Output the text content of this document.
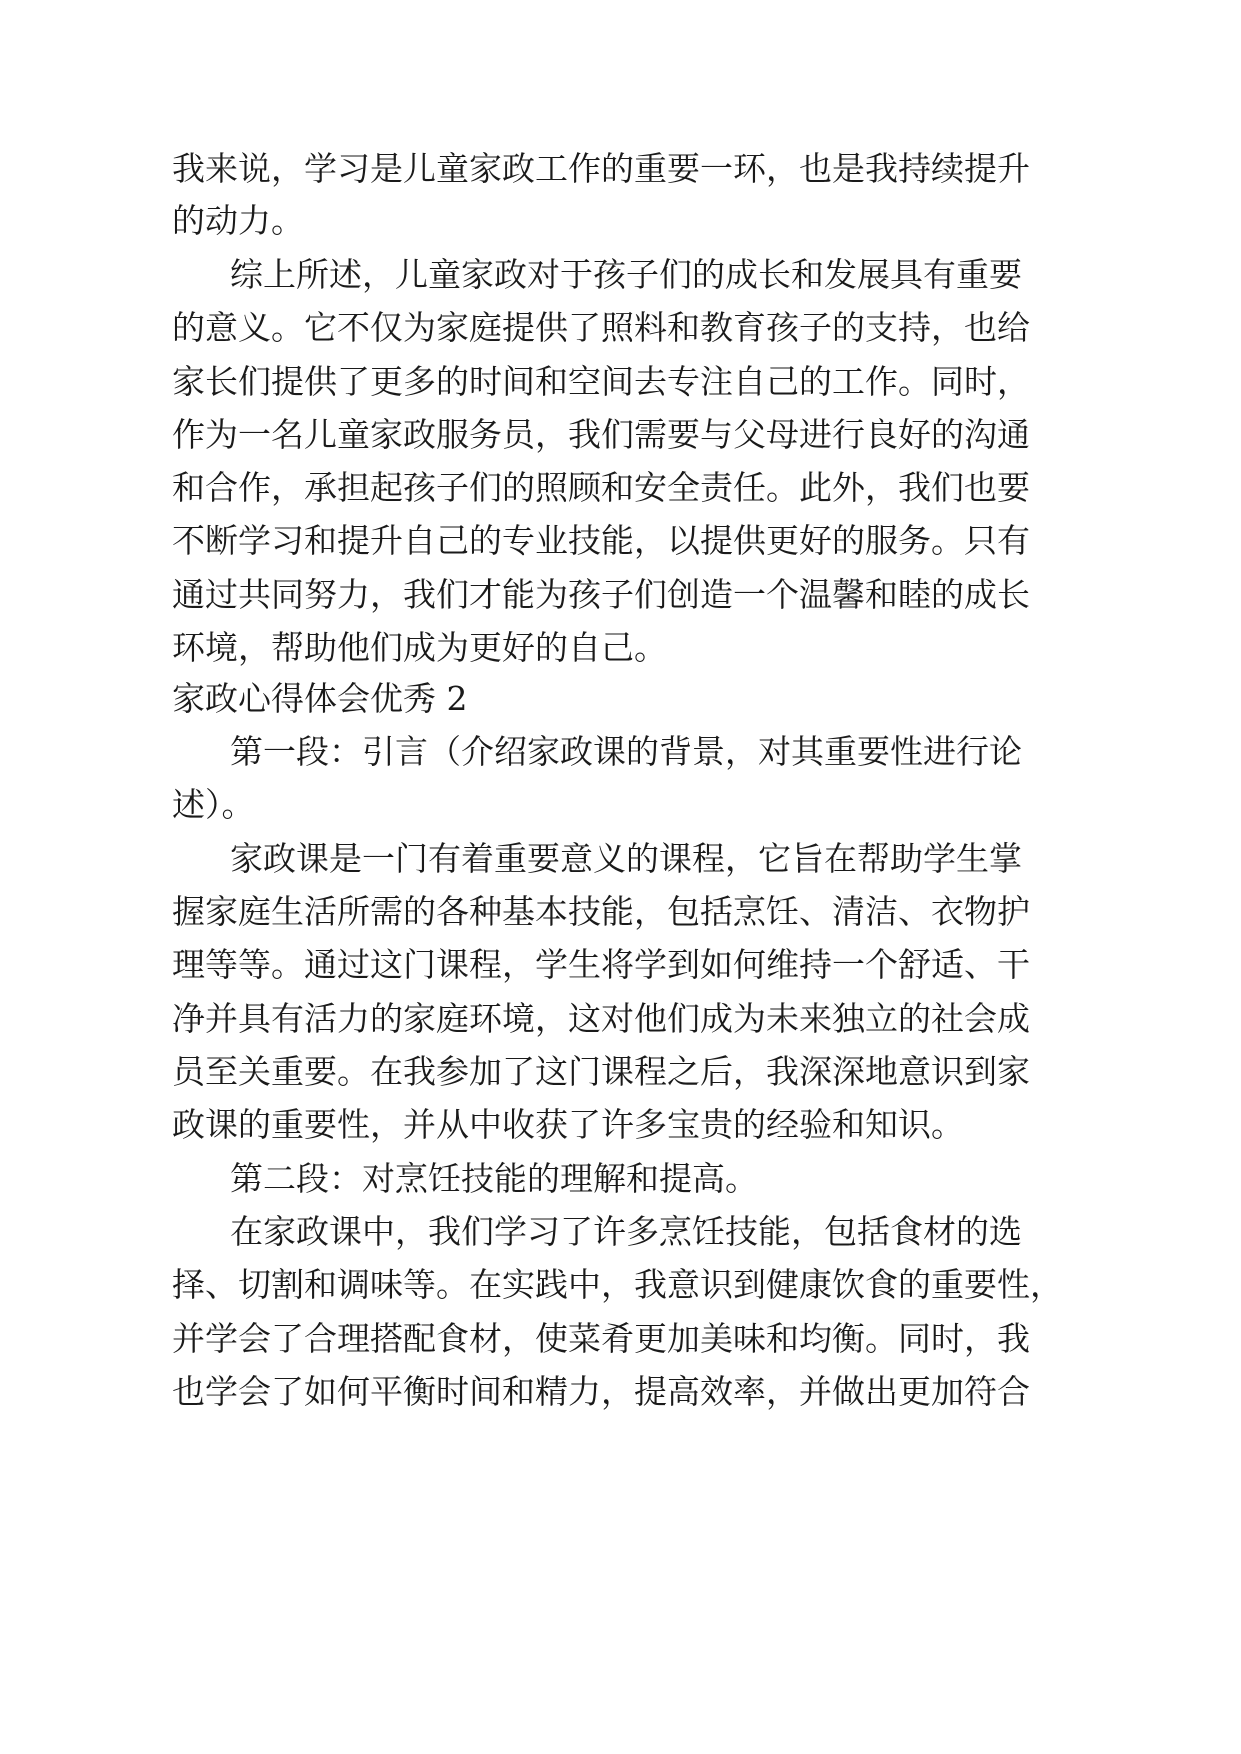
我来说，学习是儿童家政工作的重要一环，也是我持续提升
的动力。
综上所述，儿童家政对于孩子们的成长和发展具有重要
的意义。它不仅为家庭提供了照料和教育孩子的支持，也给
家长们提供了更多的时间和空间去专注自己的工作。同时，
作为一名儿童家政服务员，我们需要与父母进行良好的沟通
和合作，承担起孩子们的照顾和安全责任。此外，我们也要
不断学习和提升自己的专业技能，以提供更好的服务。只有
通过共同努力，我们才能为孩子们创造一个温馨和睦的成长
环境，帮助他们成为更好的自己。
家政心得体会优秀 2
第一段：引言（介绍家政课的背景，对其重要性进行论
述）。
家政课是一门有着重要意义的课程，它旨在帮助学生掌
握家庭生活所需的各种基本技能，包括烹饪、清洁、衣物护
理等等。通过这门课程，学生将学到如何维持一个舒适、干
净并具有活力的家庭环境，这对他们成为未来独立的社会成
员至关重要。在我参加了这门课程之后，我深深地意识到家
政课的重要性，并从中收获了许多宝贵的经验和知识。
第二段：对烹饪技能的理解和提高。
在家政课中，我们学习了许多烹饪技能，包括食材的选
择、切割和调味等。在实践中，我意识到健康饮食的重要性，
并学会了合理搭配食材，使菜肴更加美味和均衡。同时，我
也学会了如何平衡时间和精力，提高效率，并做出更加符合
